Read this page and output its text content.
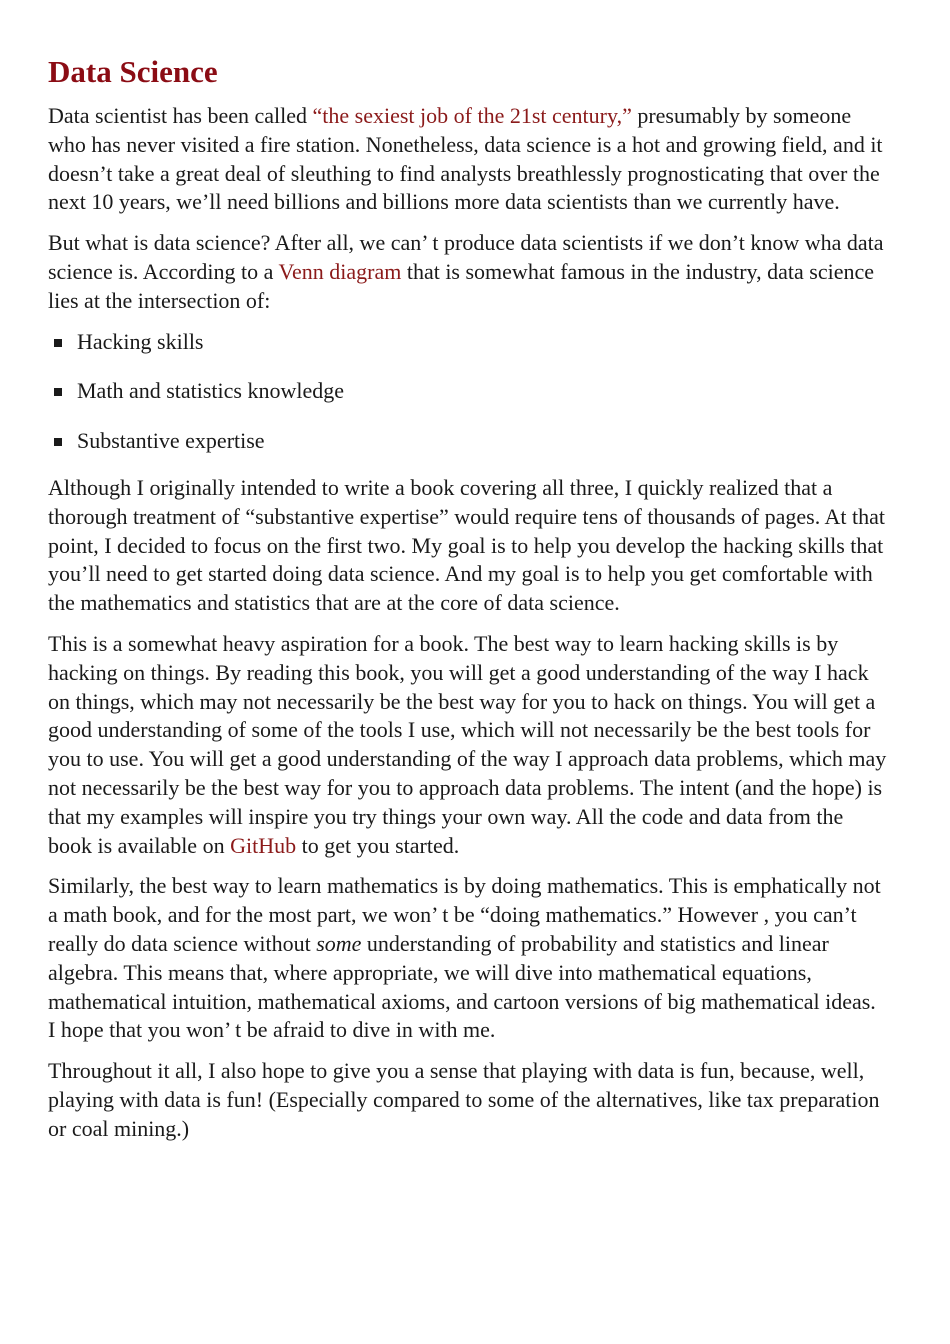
Data Science

Data scientist has been called “the sexiest job of the 21st century,” presumably by someone who has never visited a fire station. Nonetheless, data science is a hot and growing field, and it doesn’t take a great deal of sleuthing to find analysts breathlessly prognosticating that over the next 10 years, we’ll need billions and billions more data scientists than we currently have.

But what is data science? After all, we can’ t produce data scientists if we don’t know wha data science is. According to a Venn diagram that is somewhat famous in the industry, data science lies at the intersection of:

Hacking skills
Math and statistics knowledge
Substantive expertise

Although I originally intended to write a book covering all three, I quickly realized that a thorough treatment of “substantive expertise” would require tens of thousands of pages. At that point, I decided to focus on the first two. My goal is to help you develop the hacking skills that you’ll need to get started doing data science. And my goal is to help you get comfortable with the mathematics and statistics that are at the core of data science.

This is a somewhat heavy aspiration for a book. The best way to learn hacking skills is by hacking on things. By reading this book, you will get a good understanding of the way I hack on things, which may not necessarily be the best way for you to hack on things. You will get a good understanding of some of the tools I use, which will not necessarily be the best tools for you to use. You will get a good understanding of the way I approach data problems, which may not necessarily be the best way for you to approach data problems. The intent (and the hope) is that my examples will inspire you try things your own way. All the code and data from the book is available on GitHub to get you started.

Similarly, the best way to learn mathematics is by doing mathematics. This is emphatically not a math book, and for the most part, we won’ t be “doing mathematics.” However , you can’t really do data science without some understanding of probability and statistics and linear algebra. This means that, where appropriate, we will dive into mathematical equations, mathematical intuition, mathematical axioms, and cartoon versions of big mathematical ideas. I hope that you won’ t be afraid to dive in with me.

Throughout it all, I also hope to give you a sense that playing with data is fun, because, well, playing with data is fun! (Especially compared to some of the alternatives, like tax preparation or coal mining.)
